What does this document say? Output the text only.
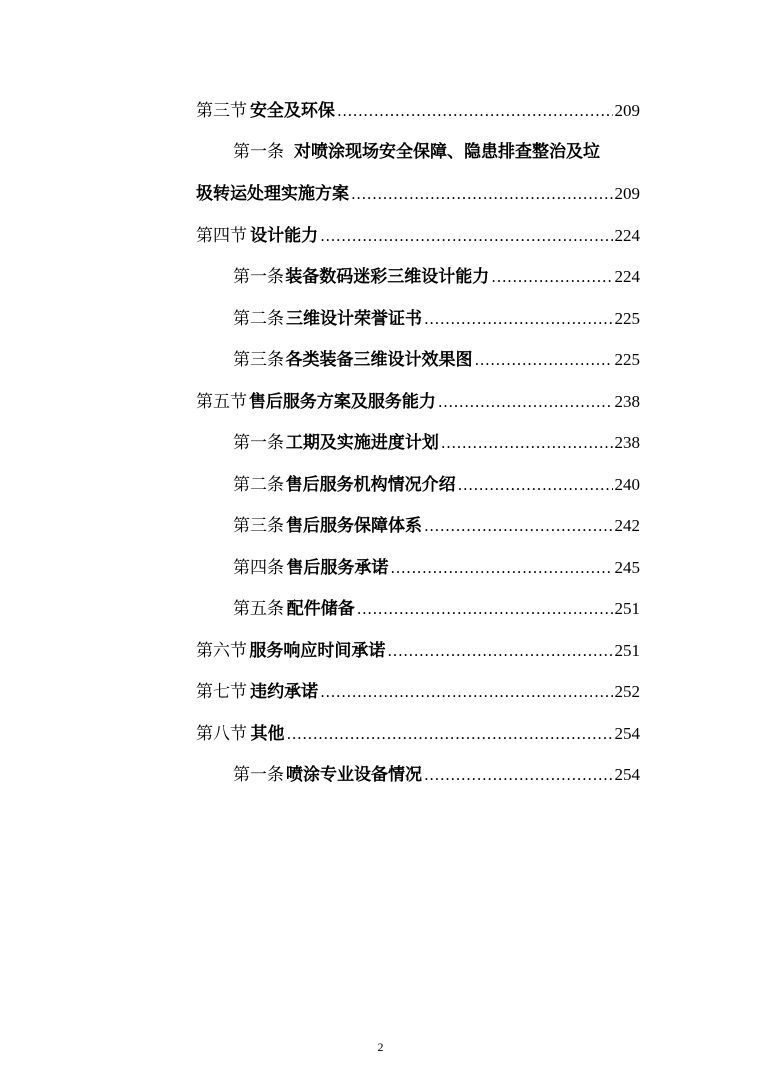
第三节 安全及环保 .....	209
第一条 对喷涂现场安全保障、隐患排查整治及垃
圾转运处理实施方案 .....	209
第四节 设计能力 .....	224
第一条 装备数码迷彩三维设计能力 .....	224
第二条 三维设计荣誉证书 .....	225
第三条 各类装备三维设计效果图 .....	225
第五节 售后服务方案及服务能力 .....	238
第一条 工期及实施进度计划 .....	238
第二条 售后服务机构情况介绍 .....	240
第三条 售后服务保障体系 .....	242
第四条 售后服务承诺 .....	245
第五条 配件储备 .....	251
第六节 服务响应时间承诺 .....	251
第七节 违约承诺 .....	252
第八节 其他 .....	254
第一条 喷涂专业设备情况 .....	254
2
